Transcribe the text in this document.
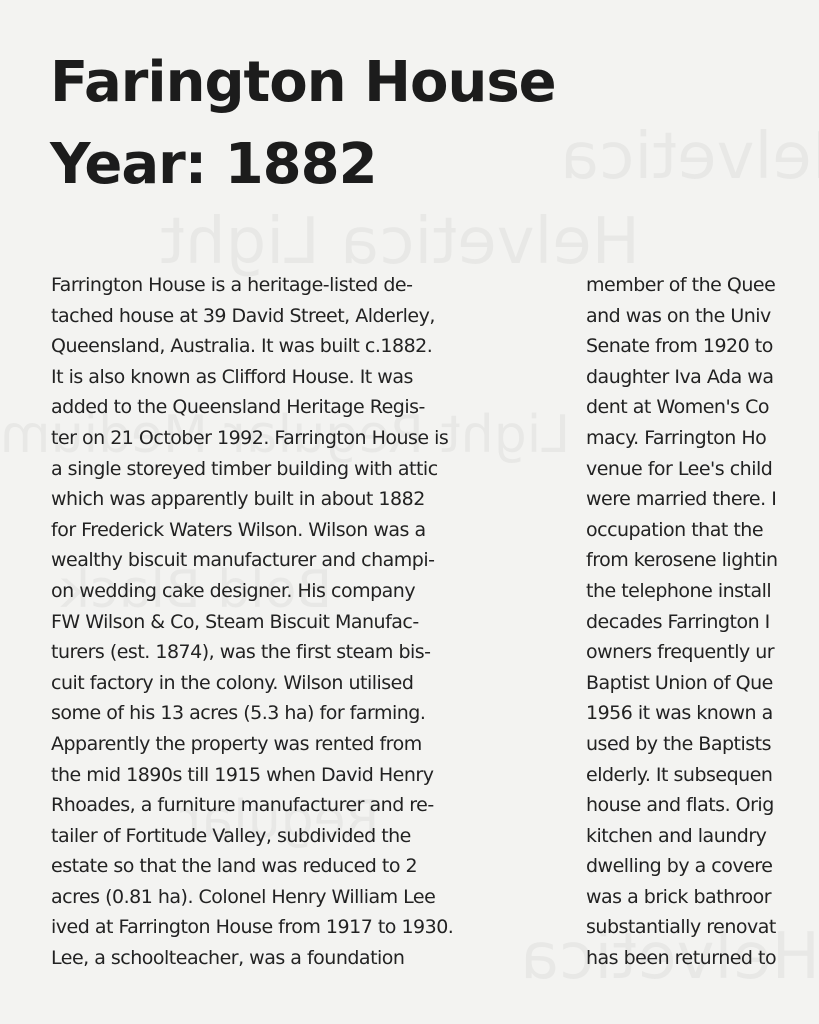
Farington House
Year: 1882
Farrington House is a heritage-listed de-
tached house at 39 David Street, Alderley,
Queensland, Australia. It was built c.1882.
It is also known as Clifford House. It was
added to the Queensland Heritage Regis-
ter on 21 October 1992. Farrington House is
a single storeyed timber building with attic
which was apparently built in about 1882
for Frederick Waters Wilson. Wilson was a
wealthy biscuit manufacturer and champi-
on wedding cake designer. His company
FW Wilson & Co, Steam Biscuit Manufac-
turers (est. 1874), was the first steam bis-
cuit factory in the colony. Wilson utilised
some of his 13 acres (5.3 ha) for farming.
Apparently the property was rented from
the mid 1890s till 1915 when David Henry
Rhoades, a furniture manufacturer and re-
tailer of Fortitude Valley, subdivided the
estate so that the land was reduced to 2
acres (0.81 ha). Colonel Henry William Lee
ived at Farrington House from 1917 to 1930.
Lee, a schoolteacher, was a foundation
member of the Quee
and was on the Univ
Senate from 1920 to
daughter Iva Ada wa
dent at Women's Co
macy. Farrington Ho
venue for Lee's child
were married there. I
occupation that the
from kerosene lightin
the telephone install
decades Farrington I
owners frequently ur
Baptist Union of Que
1956 it was known a
used by the Baptists
elderly. It subsequen
house and flats. Orig
kitchen and laundry
dwelling by a covere
was a brick bathroor
substantially renovat
has been returned to
